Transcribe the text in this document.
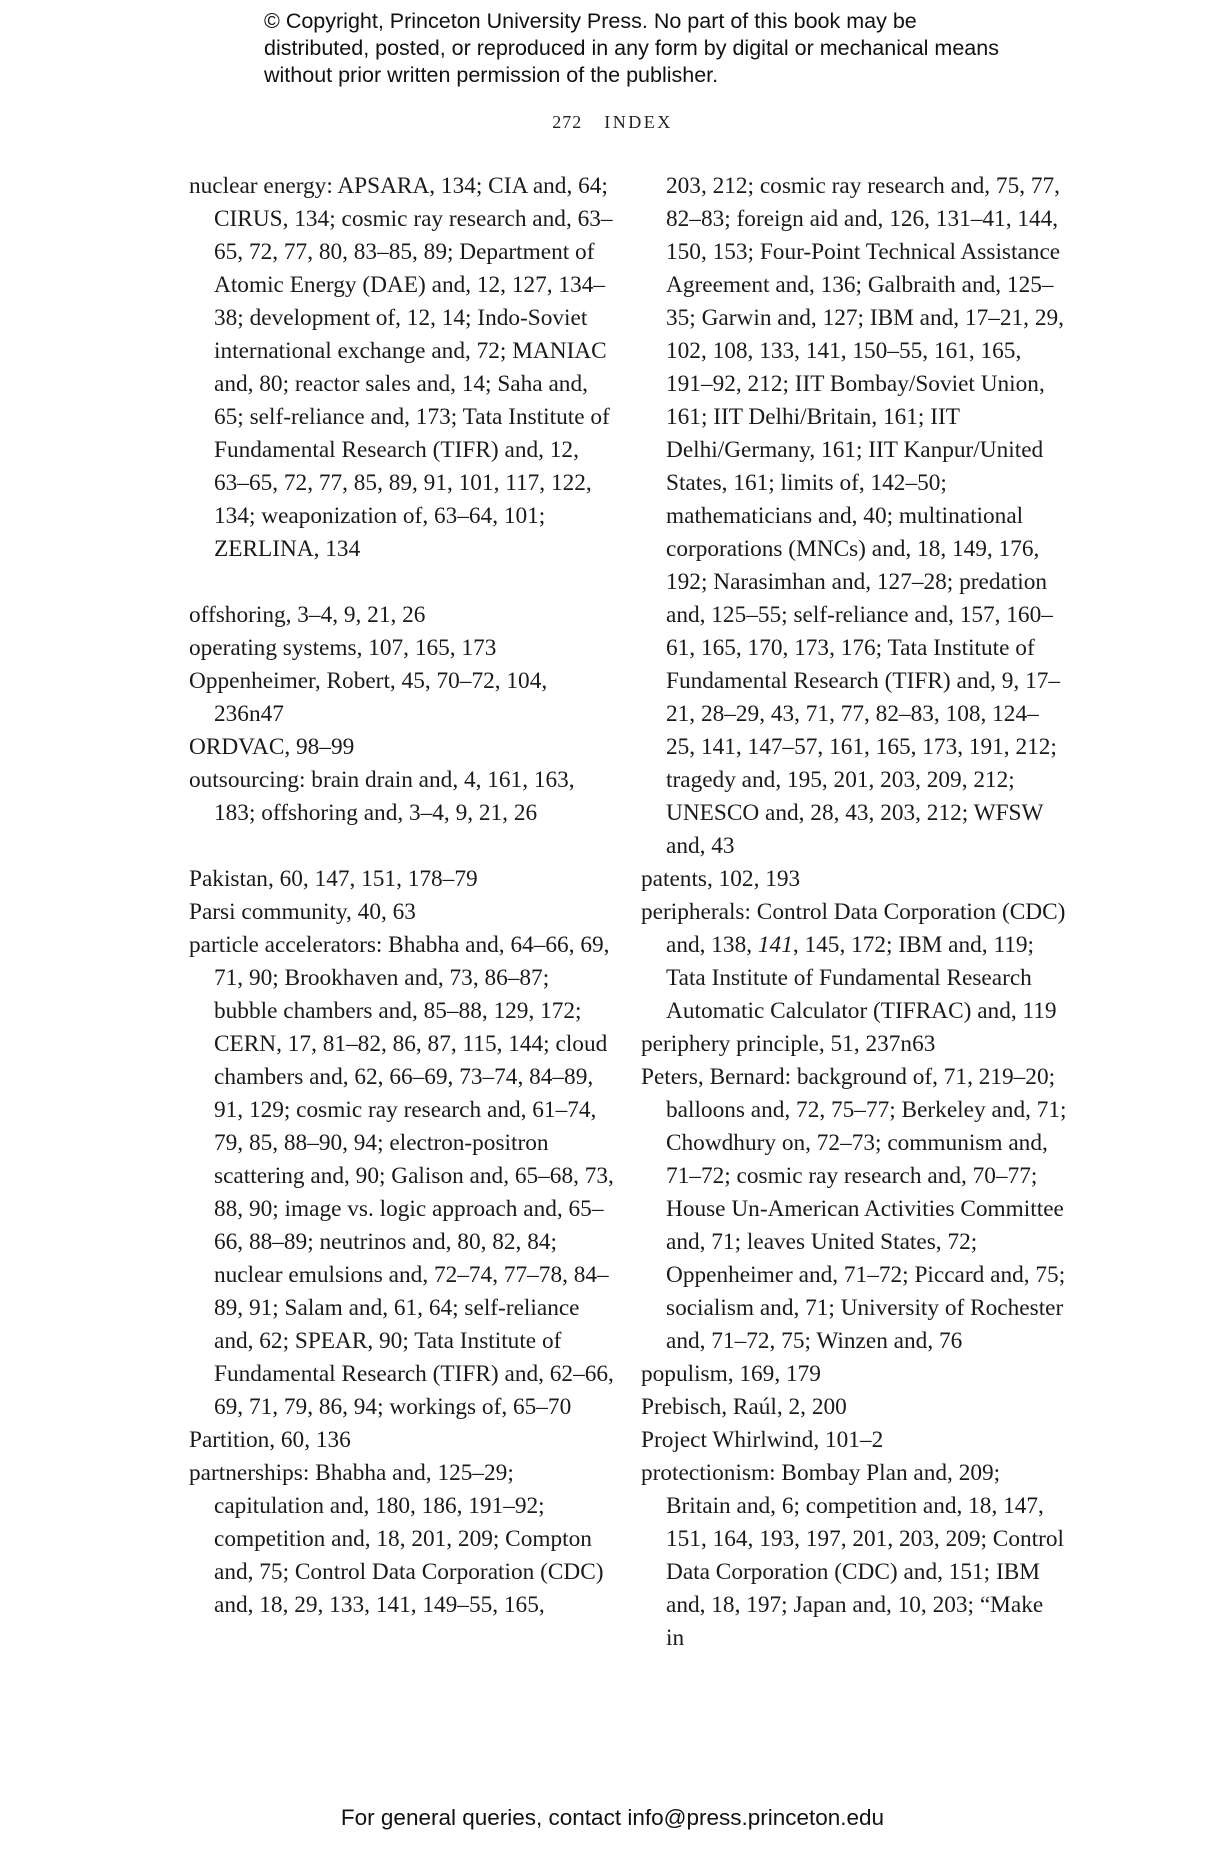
© Copyright, Princeton University Press. No part of this book may be distributed, posted, or reproduced in any form by digital or mechanical means without prior written permission of the publisher.
272 INDEX

nuclear energy: APSARA, 134; CIA and, 64; CIRUS, 134; cosmic ray research and, 63–65, 72, 77, 80, 83–85, 89; Department of Atomic Energy (DAE) and, 12, 127, 134–38; development of, 12, 14; Indo-Soviet international exchange and, 72; MANIAC and, 80; reactor sales and, 14; Saha and, 65; self-reliance and, 173; Tata Institute of Fundamental Research (TIFR) and, 12, 63–65, 72, 77, 85, 89, 91, 101, 117, 122, 134; weaponization of, 63–64, 101; ZERLINA, 134

offshoring, 3–4, 9, 21, 26

operating systems, 107, 165, 173

Oppenheimer, Robert, 45, 70–72, 104, 236n47

ORDVAC, 98–99

outsourcing: brain drain and, 4, 161, 163, 183; offshoring and, 3–4, 9, 21, 26

Pakistan, 60, 147, 151, 178–79

Parsi community, 40, 63

particle accelerators: Bhabha and, 64–66, 69, 71, 90; Brookhaven and, 73, 86–87; bubble chambers and, 85–88, 129, 172; CERN, 17, 81–82, 86, 87, 115, 144; cloud chambers and, 62, 66–69, 73–74, 84–89, 91, 129; cosmic ray research and, 61–74, 79, 85, 88–90, 94; electron-positron scattering and, 90; Galison and, 65–68, 73, 88, 90; image vs. logic approach and, 65–66, 88–89; neutrinos and, 80, 82, 84; nuclear emulsions and, 72–74, 77–78, 84–89, 91; Salam and, 61, 64; self-reliance and, 62; SPEAR, 90; Tata Institute of Fundamental Research (TIFR) and, 62–66, 69, 71, 79, 86, 94; workings of, 65–70

Partition, 60, 136

partnerships: Bhabha and, 125–29; capitulation and, 180, 186, 191–92; competition and, 18, 201, 209; Compton and, 75; Control Data Corporation (CDC) and, 18, 29, 133, 141, 149–55, 165,

203, 212; cosmic ray research and, 75, 77, 82–83; foreign aid and, 126, 131–41, 144, 150, 153; Four-Point Technical Assistance Agreement and, 136; Galbraith and, 125–35; Garwin and, 127; IBM and, 17–21, 29, 102, 108, 133, 141, 150–55, 161, 165, 191–92, 212; IIT Bombay/Soviet Union, 161; IIT Delhi/Britain, 161; IIT Delhi/Germany, 161; IIT Kanpur/United States, 161; limits of, 142–50; mathematicians and, 40; multinational corporations (MNCs) and, 18, 149, 176, 192; Narasimhan and, 127–28; predation and, 125–55; self-reliance and, 157, 160–61, 165, 170, 173, 176; Tata Institute of Fundamental Research (TIFR) and, 9, 17–21, 28–29, 43, 71, 77, 82–83, 108, 124–25, 141, 147–57, 161, 165, 173, 191, 212; tragedy and, 195, 201, 203, 209, 212; UNESCO and, 28, 43, 203, 212; WFSW and, 43

patents, 102, 193

peripherals: Control Data Corporation (CDC) and, 138, 141, 145, 172; IBM and, 119; Tata Institute of Fundamental Research Automatic Calculator (TIFRAC) and, 119

periphery principle, 51, 237n63

Peters, Bernard: background of, 71, 219–20; balloons and, 72, 75–77; Berkeley and, 71; Chowdhury on, 72–73; communism and, 71–72; cosmic ray research and, 70–77; House Un-American Activities Committee and, 71; leaves United States, 72; Oppenheimer and, 71–72; Piccard and, 75; socialism and, 71; University of Rochester and, 71–72, 75; Winzen and, 76

populism, 169, 179

Prebisch, Raúl, 2, 200

Project Whirlwind, 101–2

protectionism: Bombay Plan and, 209; Britain and, 6; competition and, 18, 147, 151, 164, 193, 197, 201, 203, 209; Control Data Corporation (CDC) and, 151; IBM and, 18, 197; Japan and, 10, 203; “Make in

For general queries, contact info@press.princeton.edu
